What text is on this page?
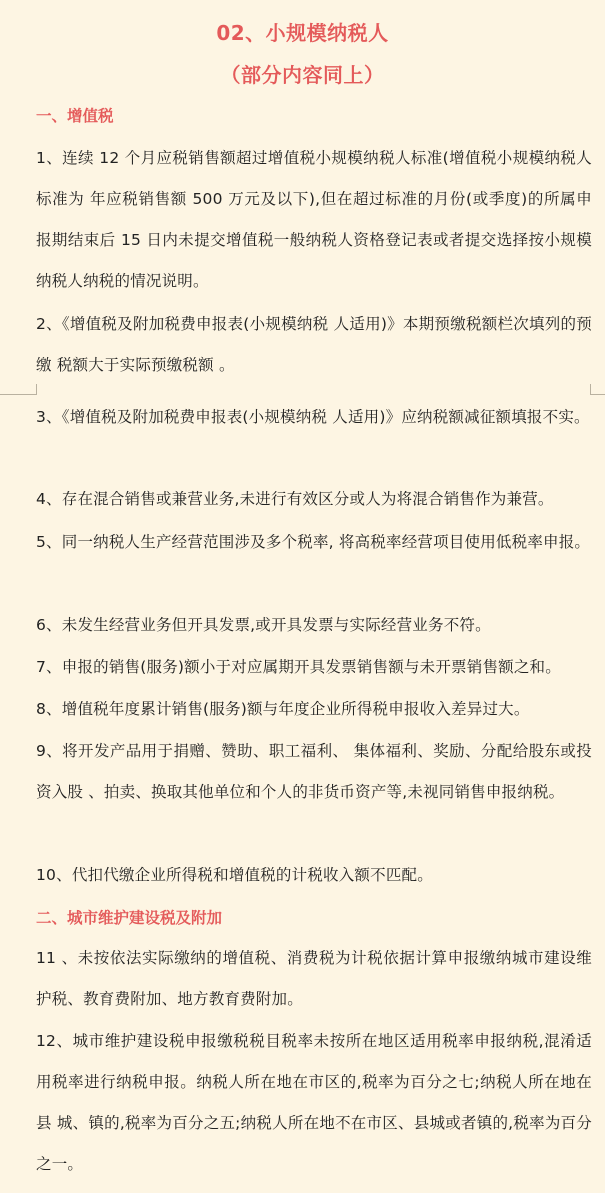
02、小规模纳税人
（部分内容同上）
一、增值税
1、连续 12 个月应税销售额超过增值税小规模纳税人标准(增值税小规模纳税人标准为 年应税销售额 500 万元及以下),但在超过标准的月份(或季度)的所属申报期结束后 15 日内未提交增值税一般纳税人资格登记表或者提交选择按小规模纳税人纳税的情况说明。
2、《增值税及附加税费申报表(小规模纳税 人适用)》本期预缴税额栏次填列的预缴 税额大于实际预缴税额 。
3、《增值税及附加税费申报表(小规模纳税 人适用)》应纳税额减征额填报不实。
4、存在混合销售或兼营业务,未进行有效区分或人为将混合销售作为兼营。
5、同一纳税人生产经营范围涉及多个税率, 将高税率经营项目使用低税率申报。
6、未发生经营业务但开具发票,或开具发票与实际经营业务不符。
7、申报的销售(服务)额小于对应属期开具发票销售额与未开票销售额之和。
8、增值税年度累计销售(服务)额与年度企业所得税申报收入差异过大。
9、将开发产品用于捐赠、赞助、职工福利、 集体福利、奖励、分配给股东或投资入股 、拍卖、换取其他单位和个人的非货币资产等,未视同销售申报纳税。
10、代扣代缴企业所得税和增值税的计税收入额不匹配。
二、城市维护建设税及附加
11 、未按依法实际缴纳的增值税、消费税为计税依据计算申报缴纳城市建设维护税、教育费附加、地方教育费附加。
12、城市维护建设税申报缴税税目税率未按所在地区适用税率申报纳税,混淆适 用税率进行纳税申报。纳税人所在地在市区的,税率为百分之七;纳税人所在地在县 城、镇的,税率为百分之五;纳税人所在地不在市区、县城或者镇的,税率为百分之一。
